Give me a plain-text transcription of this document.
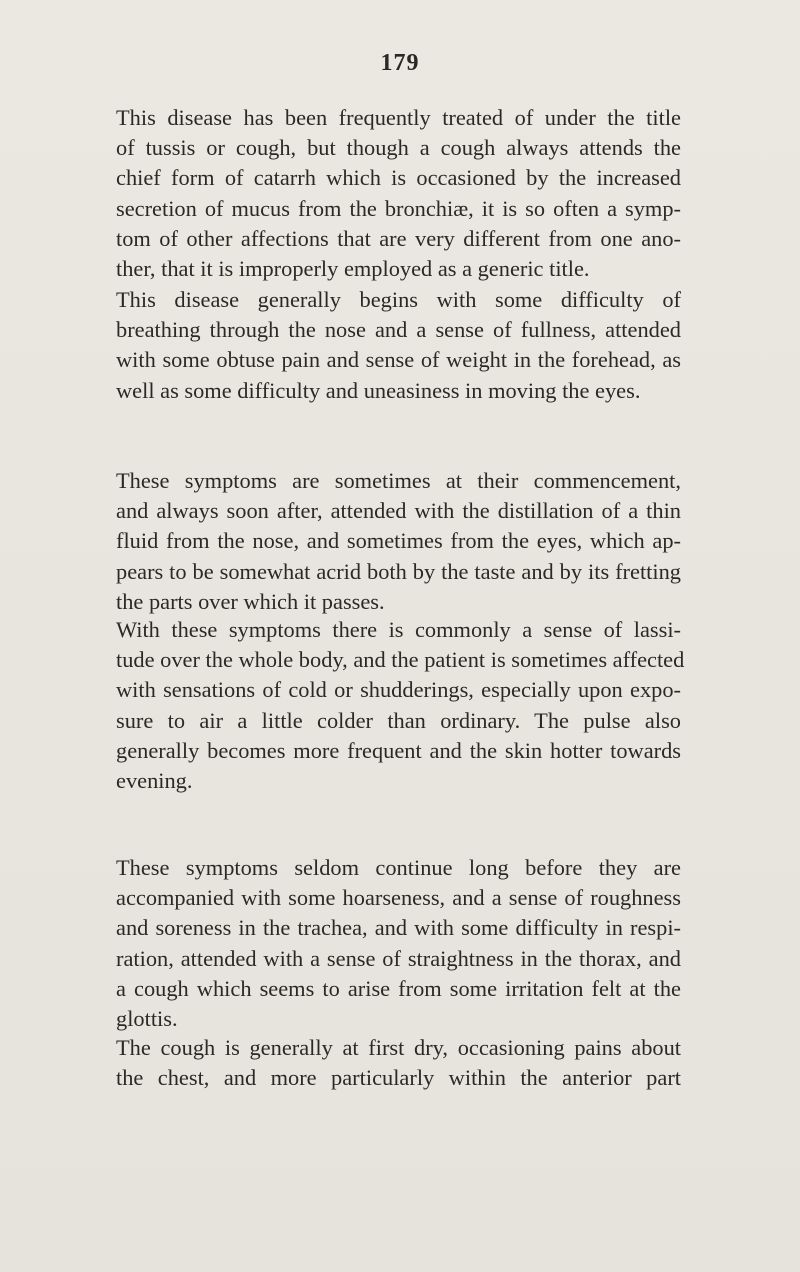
179
This disease has been frequently treated of under the title
of tussis or cough, but though a cough always attends the
chief form of catarrh which is occasioned by the increased
secretion of mucus from the bronchiæ, it is so often a symp-
tom of other affections that are very different from one ano-
ther, that it is improperly employed as a generic title.
This disease generally begins with some difficulty of
breathing through the nose and a sense of fullness, attended
with some obtuse pain and sense of weight in the forehead, as
well as some difficulty and uneasiness in moving the eyes.
These symptoms are sometimes at their commencement,
and always soon after, attended with the distillation of a thin
fluid from the nose, and sometimes from the eyes, which ap-
pears to be somewhat acrid both by the taste and by its fretting
the parts over which it passes.
With these symptoms there is commonly a sense of lassi-
tude over the whole body, and the patient is sometimes affected
with sensations of cold or shudderings, especially upon expo-
sure to air a little colder than ordinary. The pulse also
generally becomes more frequent and the skin hotter towards
evening.
These symptoms seldom continue long before they are
accompanied with some hoarseness, and a sense of roughness
and soreness in the trachea, and with some difficulty in respi-
ration, attended with a sense of straightness in the thorax, and
a cough which seems to arise from some irritation felt at the
glottis.
The cough is generally at first dry, occasioning pains about
the chest, and more particularly within the anterior part
